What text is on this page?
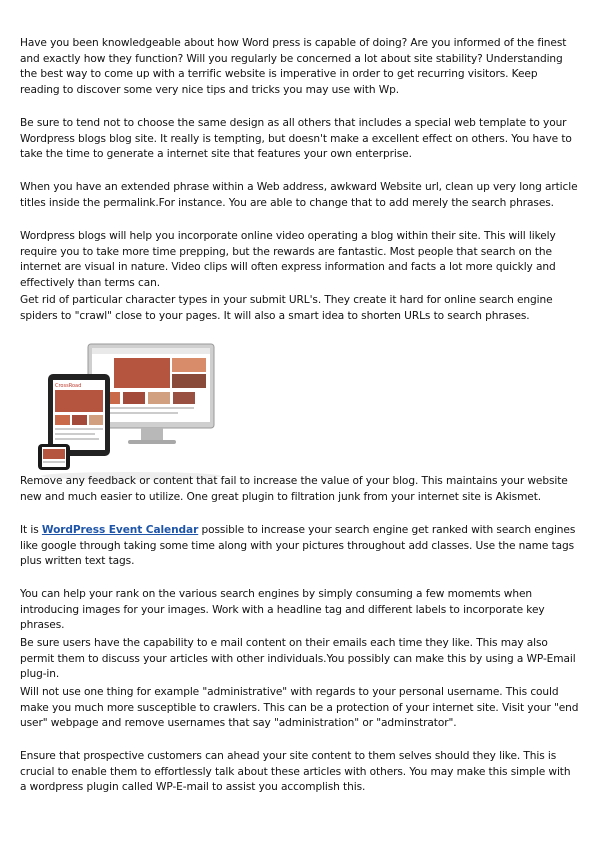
Have you been knowledgeable about how Word press is capable of doing? Are you informed of the finest and exactly how they function? Will you regularly be concerned a lot about site stability? Understanding the best way to come up with a terrific website is imperative in order to get recurring visitors. Keep reading to discover some very nice tips and tricks you may use with Wp.

Be sure to tend not to choose the same design as all others that includes a special web template to your Wordpress blogs blog site. It really is tempting, but doesn't make a excellent effect on others. You have to take the time to generate a internet site that features your own enterprise.

When you have an extended phrase within a Web address, awkward Website url, clean up very long article titles inside the permalink.For instance. You are able to change that to add merely the search phrases.

Wordpress blogs will help you incorporate online video operating a blog within their site. This will likely require you to take more time prepping, but the rewards are fantastic. Most people that search on the internet are visual in nature. Video clips will often express information and facts a lot more quickly and effectively than terms can.

Get rid of particular character types in your submit URL's. They create it hard for online search engine spiders to "crawl" close to your pages. It will also a smart idea to shorten URLs to search phrases.

CrossRoad

Remove any feedback or content that fail to increase the value of your blog. This maintains your website new and much easier to utilize. One great plugin to filtration junk from your internet site is Akismet.

It is WordPress Event Calendar possible to increase your search engine get ranked with search engines like google through taking some time along with your pictures throughout add classes. Use the name tags plus written text tags.

You can help your rank on the various search engines by simply consuming a few momemts when introducing images for your images. Work with a headline tag and different labels to incorporate key phrases.

Be sure users have the capability to e mail content on their emails each time they like. This may also permit them to discuss your articles with other individuals.You possibly can make this by using a WP-Email plug-in.

Will not use one thing for example "administrative" with regards to your personal username. This could make you much more susceptible to crawlers. This can be a protection of your internet site. Visit your "end user" webpage and remove usernames that say "administration" or "adminstrator".

Ensure that prospective customers can ahead your site content to them selves should they like. This is crucial to enable them to effortlessly talk about these articles with others. You may make this simple with a wordpress plugin called WP-E-mail to assist you accomplish this.
